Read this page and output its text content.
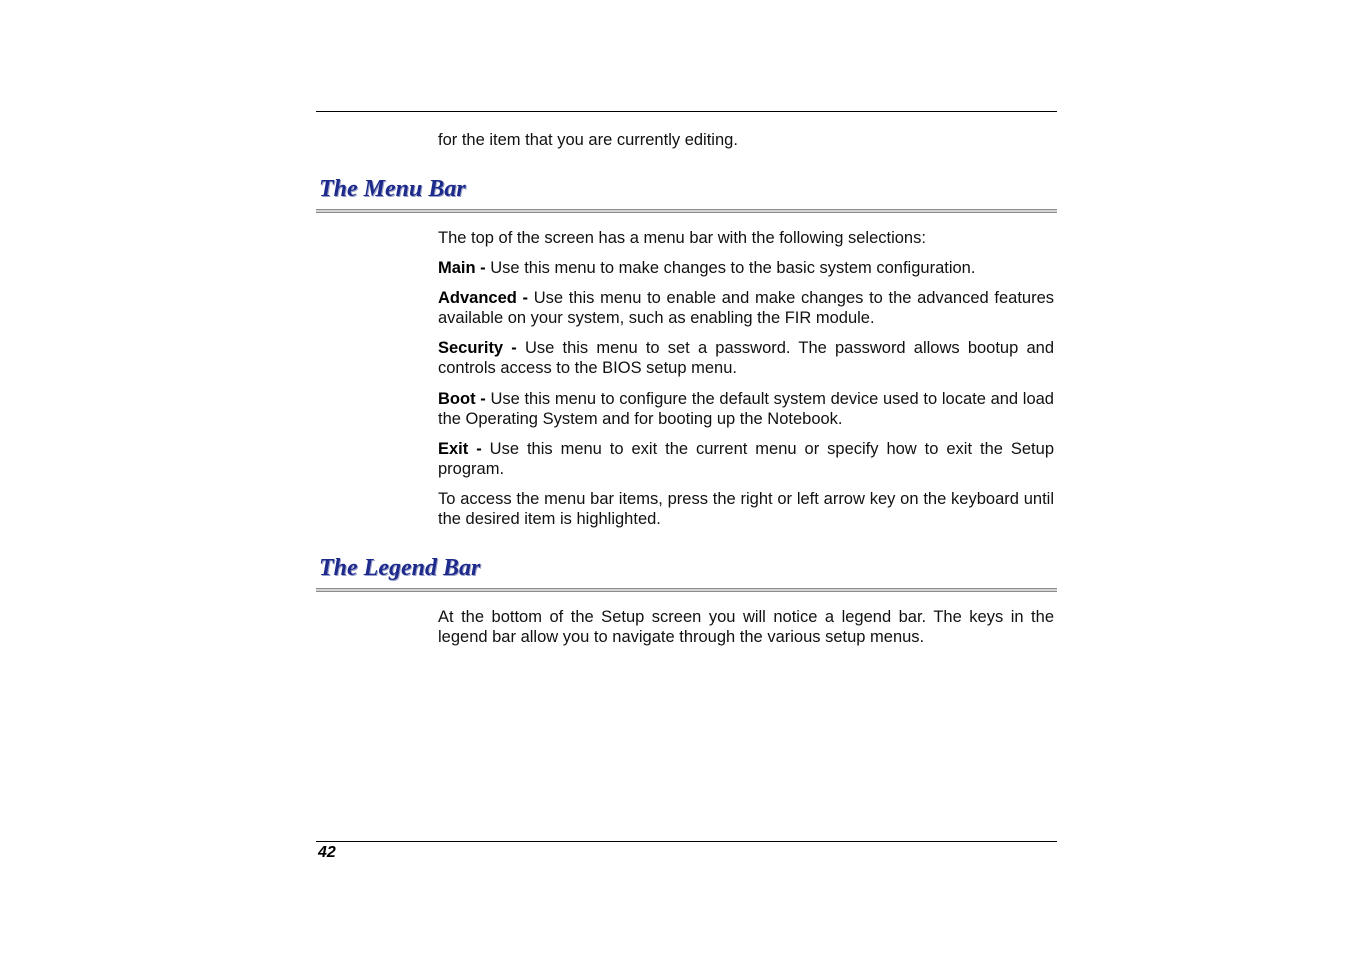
for the item that you are currently editing.

The Menu Bar

The top of the screen has a menu bar with the following selections:

Main - Use this menu to make changes to the basic system configuration.

Advanced - Use this menu to enable and make changes to the advanced features available on your system, such as enabling the FIR module.

Security - Use this menu to set a password. The password allows bootup and controls access to the BIOS setup menu.

Boot - Use this menu to configure the default system device used to locate and load the Operating System and for booting up the Notebook.

Exit - Use this menu to exit the current menu or specify how to exit the Setup program.

To access the menu bar items, press the right or left arrow key on the keyboard until the desired item is highlighted.

The Legend Bar

At the bottom of the Setup screen you will notice a legend bar. The keys in the legend bar allow you to navigate through the various setup menus.

42
